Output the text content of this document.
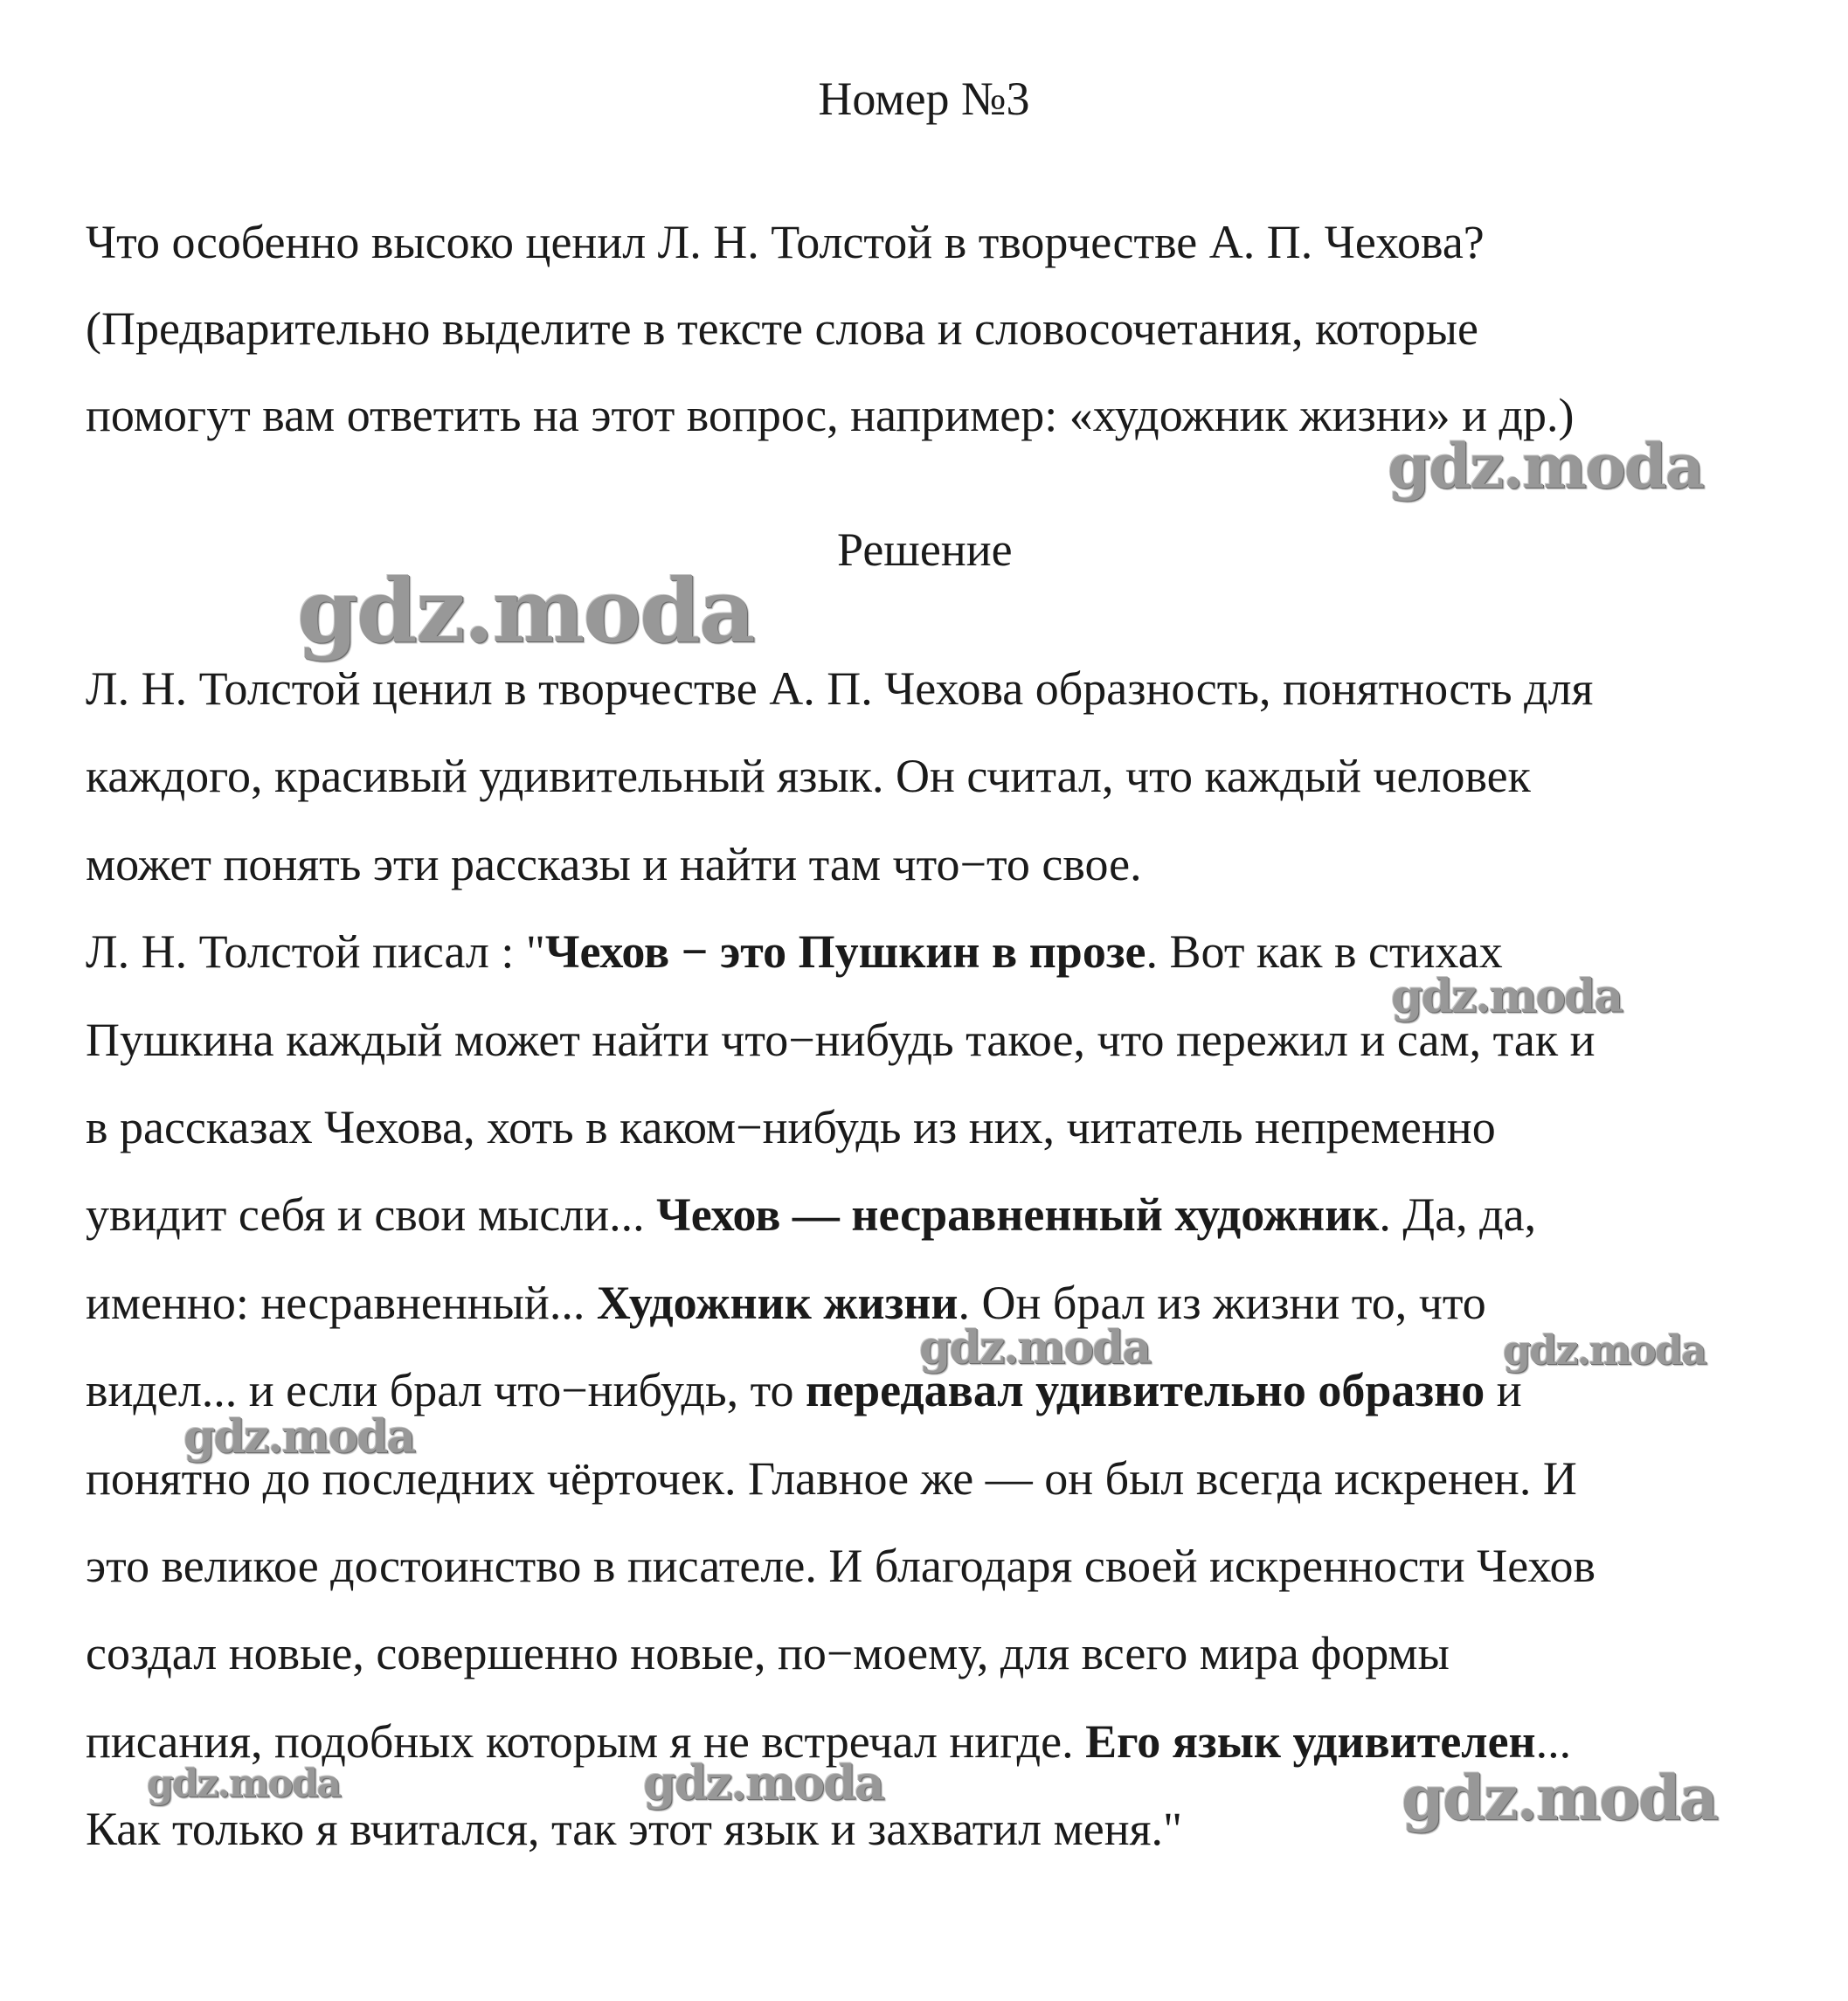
Номер №3
Что особенно высоко ценил Л. Н. Толстой в творчестве А. П. Чехова?
(Предварительно выделите в тексте слова и словосочетания, которые
помогут вам ответить на этот вопрос, например: «художник жизни» и др.)
Решение
Л. Н. Толстой ценил в творчестве А. П. Чехова образность, понятность для
каждого, красивый удивительный язык. Он считал, что каждый человек
может понять эти рассказы и найти там что−то свое.
Л. Н. Толстой писал : "Чехов − это Пушкин в прозе. Вот как в стихах
Пушкина каждый может найти что−нибудь такое, что пережил и сам, так и
в рассказах Чехова, хоть в каком−нибудь из них, читатель непременно
увидит себя и свои мысли... Чехов — несравненный художник. Да, да,
именно: несравненный... Художник жизни. Он брал из жизни то, что
видел... и если брал что−нибудь, то передавал удивительно образно и
понятно до последних чёрточек. Главное же — он был всегда искренен. И
это великое достоинство в писателе. И благодаря своей искренности Чехов
создал новые, совершенно новые, по−моему, для всего мира формы
писания, подобных которым я не встречал нигде. Его язык удивителен...
Как только я вчитался, так этот язык и захватил меня."
gdz.moda
gdz.moda
gdz.moda
gdz.moda	gdz.moda
gdz.moda
gdz.moda	gdz.moda	gdz.moda
